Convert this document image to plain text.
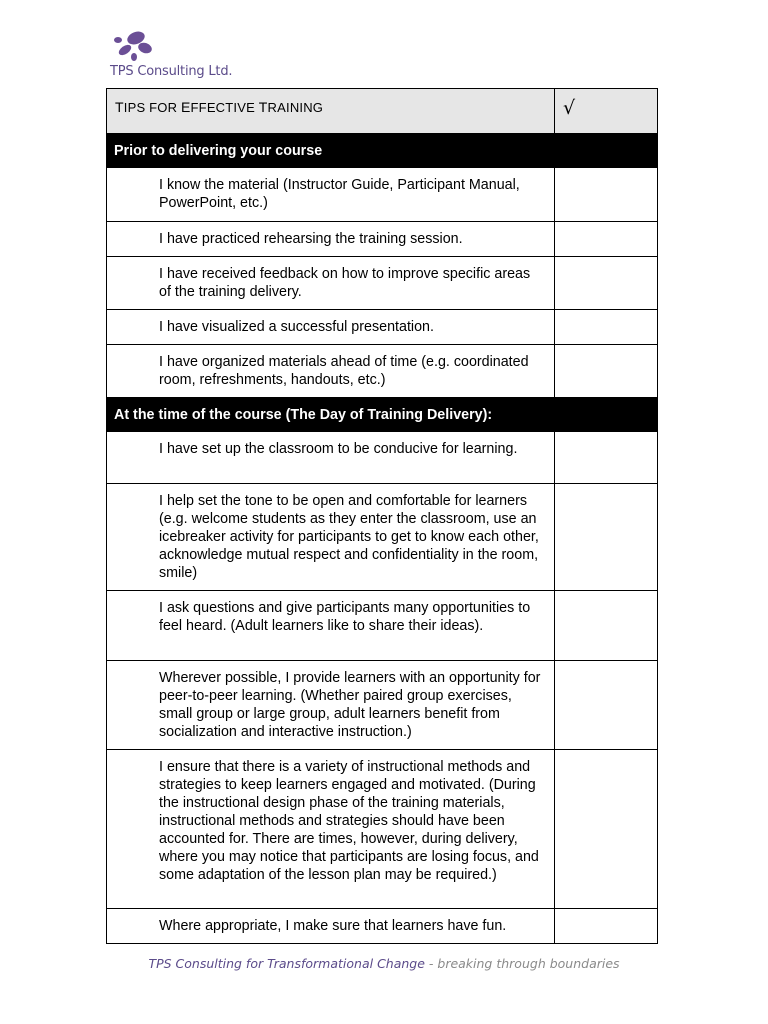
TPS Consulting Ltd.
TIPS FOR EFFECTIVE TRAINING	√

Prior to delivering your course	

I know the material (Instructor Guide, Participant Manual, PowerPoint, etc.)	

I have practiced rehearsing the training session.	

I have received feedback on how to improve specific areas of the training delivery.	

I have visualized a successful presentation.	

I have organized materials ahead of time (e.g. coordinated room, refreshments, handouts, etc.)	

At the time of the course (The Day of Training Delivery):	

I have set up the classroom to be conducive for learning.	

I help set the tone to be open and comfortable for learners (e.g. welcome students as they enter the classroom, use an icebreaker activity for participants to get to know each other, acknowledge mutual respect and confidentiality in the room, smile)	

I ask questions and give participants many opportunities to feel heard. (Adult learners like to share their ideas).	

Wherever possible, I provide learners with an opportunity for peer-to-peer learning. (Whether paired group exercises, small group or large group, adult learners benefit from socialization and interactive instruction.)	

I ensure that there is a variety of instructional methods and strategies to keep learners engaged and motivated. (During the instructional design phase of the training materials, instructional methods and strategies should have been accounted for. There are times, however, during delivery, where you may notice that participants are losing focus, and some adaptation of the lesson plan may be required.)	

Where appropriate, I make sure that learners have fun.	

TPS Consulting for Transformational Change - breaking through boundaries
